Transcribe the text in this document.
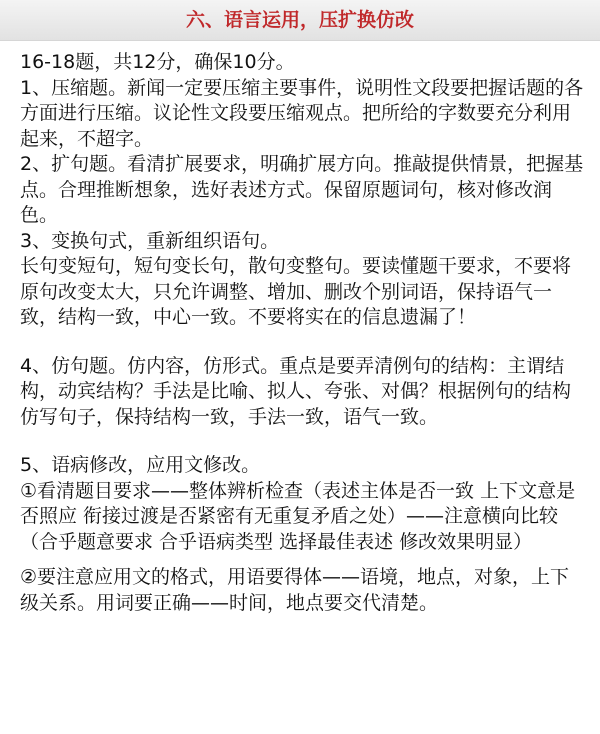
六、语言运用，压扩换仿改

16-18题，共12分，确保10分。

1、压缩题。新闻一定要压缩主要事件，说明性文段要把握话题的各方面进行压缩。议论性文段要压缩观点。把所给的字数要充分利用起来，不超字。

2、扩句题。看清扩展要求，明确扩展方向。推敲提供情景，把握基点。合理推断想象，选好表述方式。保留原题词句，核对修改润色。

3、变换句式，重新组织语句。

长句变短句，短句变长句，散句变整句。要读懂题干要求，不要将原句改变太大，只允许调整、增加、删改个别词语，保持语气一致，结构一致，中心一致。不要将实在的信息遗漏了！

4、仿句题。仿内容，仿形式。重点是要弄清例句的结构：主谓结构，动宾结构？手法是比喻、拟人、夸张、对偶？根据例句的结构仿写句子，保持结构一致，手法一致，语气一致。

5、语病修改，应用文修改。

①看清题目要求——整体辨析检查（表述主体是否一致 上下文意是否照应 衔接过渡是否紧密有无重复矛盾之处）——注意横向比较（合乎题意要求 合乎语病类型 选择最佳表述 修改效果明显）

②要注意应用文的格式，用语要得体——语境，地点，对象，上下级关系。用词要正确——时间，地点要交代清楚。
